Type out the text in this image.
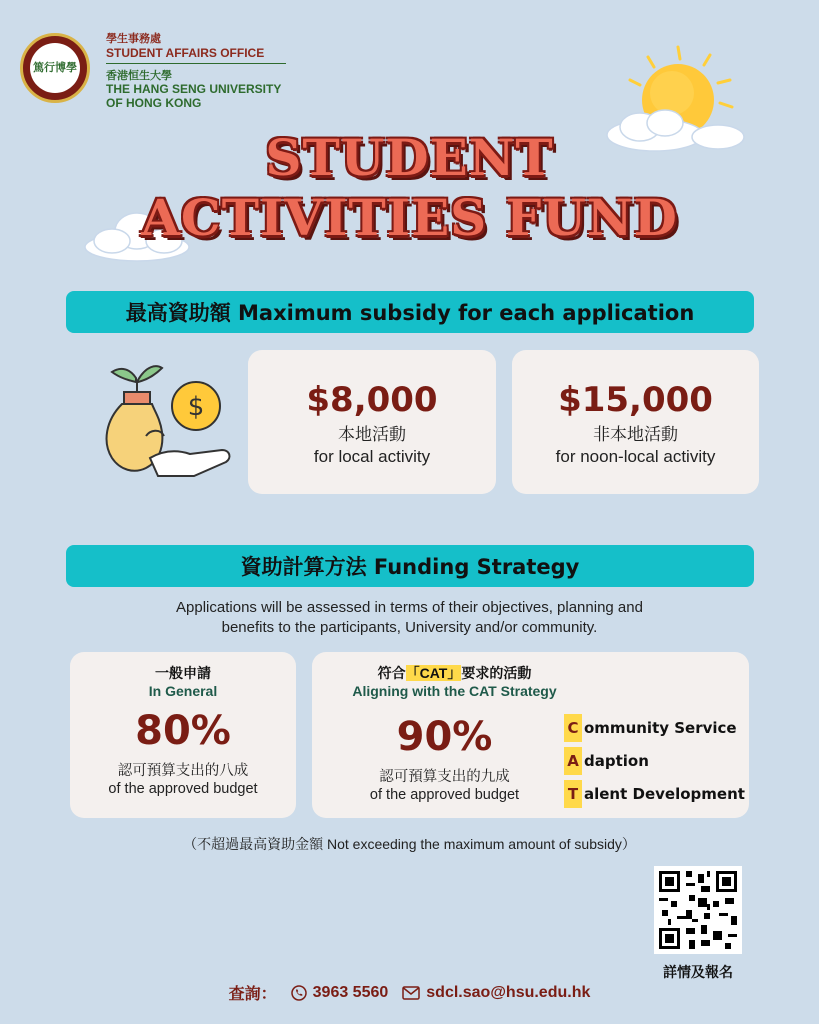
篤行博學
學生事務處
STUDENT AFFAIRS OFFICE
香港恒生大學
THE HANG SENG UNIVERSITY
OF HONG KONG
STUDENT
ACTIVITIES FUND
最高資助額 Maximum subsidy for each application
$	$8,000
本地活動
for local activity
$15,000
非本地活動
for noon-local activity
資助計算方法 Funding Strategy
Applications will be assessed in terms of their objectives, planning and
benefits to the participants, University and/or community.
一般申請
In General
80%
認可預算支出的八成
of the approved budget
符合「CAT」要求的活動
Aligning with the CAT Strategy
90%
認可預算支出的九成
of the approved budget
C ommunity Service
A daption
T alent Development
（不超過最高資助金額 Not exceeding the maximum amount of subsidy）
詳情及報名
查詢： 3963 5560 sdcl.sao@hsu.edu.hk
